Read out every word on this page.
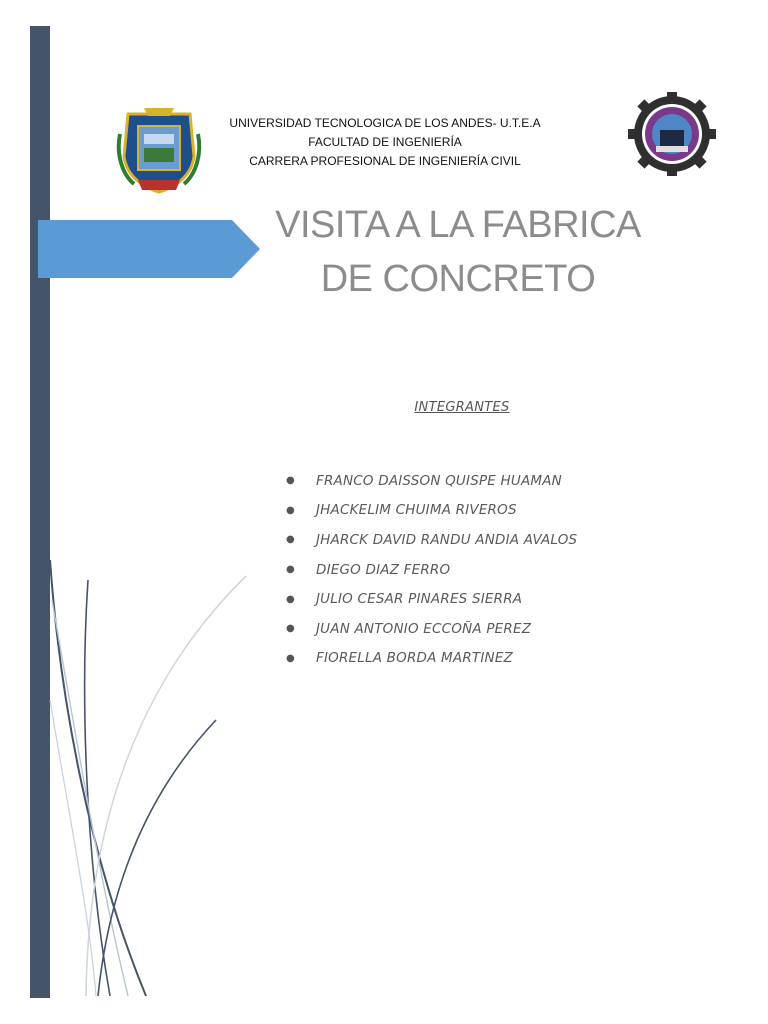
UNIVERSIDAD TECNOLOGICA DE LOS ANDES- U.T.E.A
FACULTAD DE INGENIERÍA
CARRERA PROFESIONAL DE INGENIERÍA CIVIL
VISITA A LA FABRICA
DE CONCRETO
INTEGRANTES
●	FRANCO DAISSON QUISPE HUAMAN
●	JHACKELIM CHUIMA RIVEROS
●	JHARCK DAVID RANDU ANDIA AVALOS
●	DIEGO DIAZ FERRO
●	JULIO CESAR PINARES SIERRA
●	JUAN ANTONIO ECCOÑA PEREZ
●	FIORELLA BORDA MARTINEZ
